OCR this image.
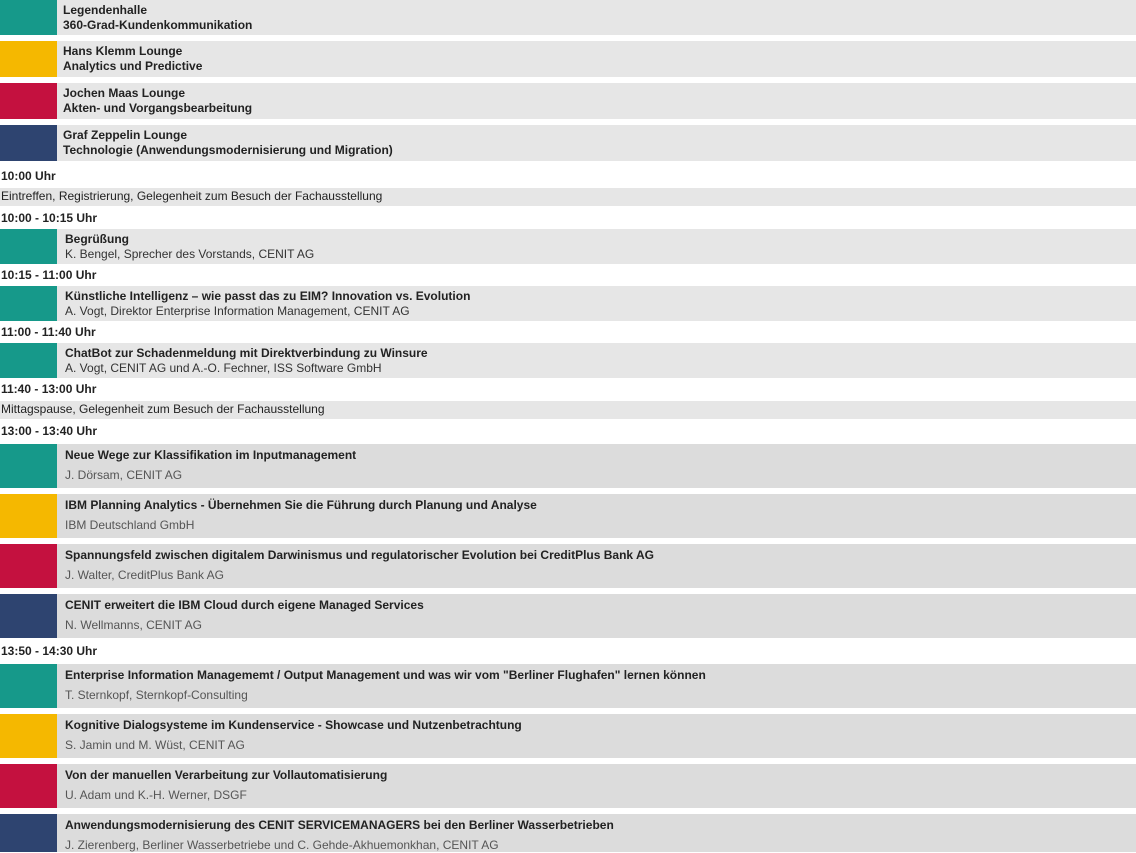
Legendenhalle
360-Grad-Kundenkommunikation
Hans Klemm Lounge
Analytics und Predictive
Jochen Maas Lounge
Akten- und Vorgangsbearbeitung
Graf Zeppelin Lounge
Technologie (Anwendungsmodernisierung und Migration)
10:00 Uhr
Eintreffen, Registrierung, Gelegenheit zum Besuch der Fachausstellung
10:00 - 10:15 Uhr
Begrüßung
K. Bengel, Sprecher des Vorstands, CENIT AG
10:15 - 11:00 Uhr
Künstliche Intelligenz – wie passt das zu EIM? Innovation vs. Evolution
A. Vogt, Direktor Enterprise Information Management, CENIT AG
11:00 - 11:40 Uhr
ChatBot zur Schadenmeldung mit Direktverbindung zu Winsure
A. Vogt, CENIT AG und A.-O. Fechner, ISS Software GmbH
11:40 - 13:00 Uhr
Mittagspause, Gelegenheit zum Besuch der Fachausstellung
13:00 - 13:40 Uhr
Neue Wege zur Klassifikation im Inputmanagement
J. Dörsam, CENIT AG
IBM Planning Analytics - Übernehmen Sie die Führung durch Planung und Analyse
IBM Deutschland GmbH
Spannungsfeld zwischen digitalem Darwinismus und regulatorischer Evolution bei CreditPlus Bank AG
J. Walter, CreditPlus Bank AG
CENIT erweitert die IBM Cloud durch eigene Managed Services
N. Wellmanns, CENIT AG
13:50 - 14:30 Uhr
Enterprise Information Managememt / Output Management und was wir vom "Berliner Flughafen" lernen können
T. Sternkopf, Sternkopf-Consulting
Kognitive Dialogsysteme im Kundenservice - Showcase und Nutzenbetrachtung
S. Jamin und M. Wüst, CENIT AG
Von der manuellen Verarbeitung zur Vollautomatisierung
U. Adam und K.-H. Werner, DSGF
Anwendungsmodernisierung des CENIT SERVICEMANAGERS bei den Berliner Wasserbetrieben
J. Zierenberg, Berliner Wasserbetriebe und C. Gehde-Akhuemonkhan, CENIT AG
